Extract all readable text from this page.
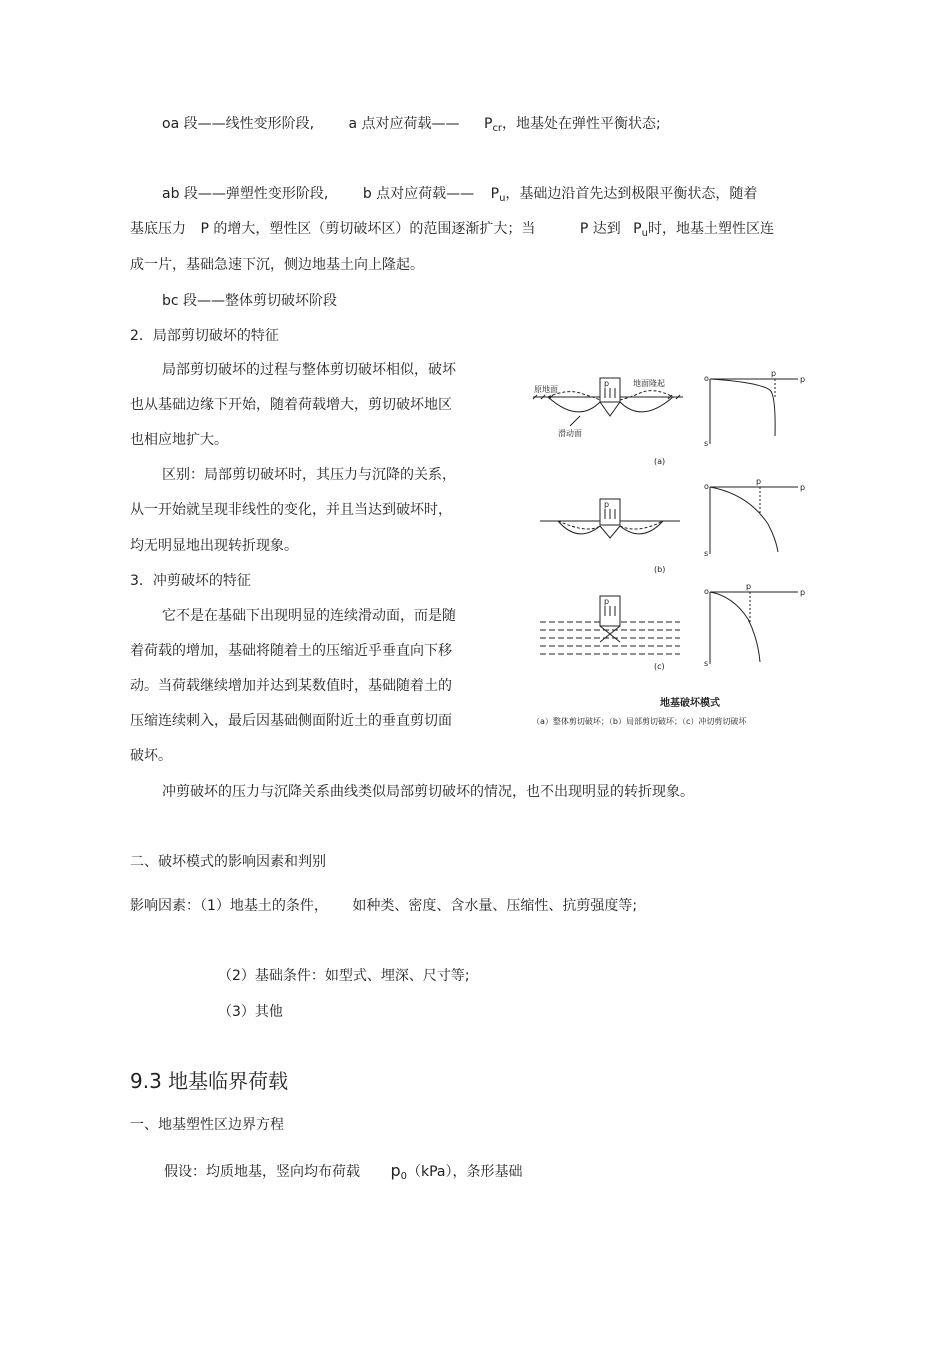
oa 段——线性变形阶段, a 点对应荷载—— $P_{cr}$，地基处在弹性平衡状态;
ab 段——弹塑性变形阶段, b 点对应荷载—— $P_u$，基础边沿首先达到极限平衡状态，随着
基底压力 P 的增大，塑性区（剪切破坏区）的范围逐渐扩大；当	P 达到 $P_u$时，地基土塑性区连
成一片，基础急速下沉，侧边地基土向上隆起。
bc 段——整体剪切破坏阶段
2．局部剪切破坏的特征
局部剪切破坏的过程与整体剪切破坏相似，破坏
也从基础边缘下开始，随着荷载增大，剪切破坏地区
也相应地扩大。
区别：局部剪切破坏时，其压力与沉降的关系，
从一开始就呈现非线性的变化，并且当达到破坏时，
均无明显地出现转折现象。
3．冲剪破坏的特征
它不是在基础下出现明显的连续滑动面，而是随
着荷载的增加，基础将随着土的压缩近乎垂直向下移
动。当荷载继续增加并达到某数值时，基础随着土的
压缩连续刺入，最后因基础侧面附近土的垂直剪切面
破坏。
冲剪破坏的压力与沉降关系曲线类似局部剪切破坏的情况，也不出现明显的转折现象。
二、破坏模式的影响因素和判别
影响因素：（1）地基土的条件， 如种类、密度、含水量、压缩性、抗剪强度等;
（2）基础条件：如型式、埋深、尺寸等;
（3）其他
9.3 地基临界荷载
一、地基塑性区边界方程
假设：均质地基，竖向均布荷载 $p_0(kPa)$，条形基础
原地面
地面隆起
滑动面
p
p
p
o	p
s
p
o	p
s
p
o	p
s
p
(a)
(b)
(c)
地基破坏模式
（a）整体剪切破坏；（b）局部剪切破坏；（c）冲切剪切破坏
